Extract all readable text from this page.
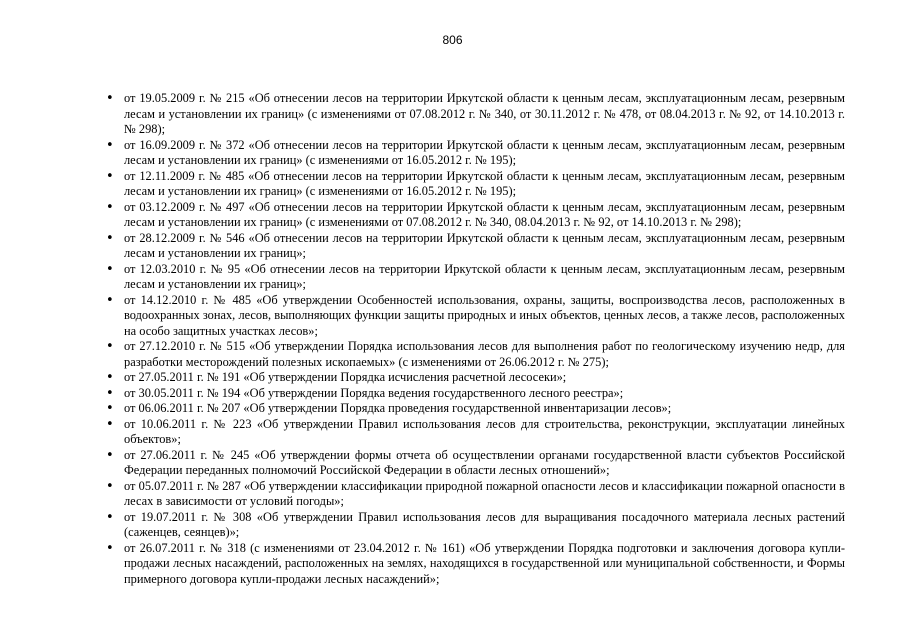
806
• от 19.05.2009 г. № 215 «Об отнесении лесов на территории Иркутской области к ценным лесам, эксплуатационным лесам, резервным лесам и установлении их границ» (с изменениями от 07.08.2012 г. № 340, от 30.11.2012 г. № 478, от 08.04.2013 г. № 92, от 14.10.2013 г. № 298);
• от 16.09.2009 г. № 372 «Об отнесении лесов на территории Иркутской области к ценным лесам, эксплуатационным лесам, резервным лесам и установлении их границ» (с изменениями от 16.05.2012 г. № 195);
• от 12.11.2009 г. № 485 «Об отнесении лесов на территории Иркутской области к ценным лесам, эксплуатационным лесам, резервным лесам и установлении их границ» (с изменениями от 16.05.2012 г. № 195);
• от 03.12.2009 г. № 497 «Об отнесении лесов на территории Иркутской области к ценным лесам, эксплуатационным лесам, резервным лесам и установлении их границ» (с изменениями от 07.08.2012 г. № 340, 08.04.2013 г. № 92, от 14.10.2013 г. № 298);
• от 28.12.2009 г. № 546 «Об отнесении лесов на территории Иркутской области к ценным лесам, эксплуатационным лесам, резервным лесам и установлении их границ»;
• от 12.03.2010 г. № 95 «Об отнесении лесов на территории Иркутской области к ценным лесам, эксплуатационным лесам, резервным лесам и установлении их границ»;
• от 14.12.2010 г. № 485 «Об утверждении Особенностей использования, охраны, защиты, воспроизводства лесов, расположенных в водоохранных зонах, лесов, выполняющих функции защиты природных и иных объектов, ценных лесов, а также лесов, расположенных на особо защитных участках лесов»;
• от 27.12.2010 г. № 515 «Об утверждении Порядка использования лесов для выполнения работ по геологическому изучению недр, для разработки месторождений полезных ископаемых» (с изменениями от 26.06.2012 г. № 275);
• от 27.05.2011 г. № 191 «Об утверждении Порядка исчисления расчетной лесосеки»;
• от 30.05.2011 г. № 194 «Об утверждении Порядка ведения государственного лесного реестра»;
• от 06.06.2011 г. № 207 «Об утверждении Порядка проведения государственной инвентаризации лесов»;
• от 10.06.2011 г. № 223 «Об утверждении Правил использования лесов для строительства, реконструкции, эксплуатации линейных объектов»;
• от 27.06.2011 г. № 245 «Об утверждении формы отчета об осуществлении органами государственной власти субъектов Российской Федерации переданных полномочий Российской Федерации в области лесных отношений»;
• от 05.07.2011 г. № 287 «Об утверждении классификации природной пожарной опасности лесов и классификации пожарной опасности в лесах в зависимости от условий погоды»;
• от 19.07.2011 г. № 308 «Об утверждении Правил использования лесов для выращивания посадочного материала лесных растений (саженцев, сеянцев)»;
• от 26.07.2011 г. № 318 (с изменениями от 23.04.2012 г. № 161) «Об утверждении Порядка подготовки и заключения договора купли-продажи лесных насаждений, расположенных на землях, находящихся в государственной или муниципальной собственности, и Формы примерного договора купли-продажи лесных насаждений»;
